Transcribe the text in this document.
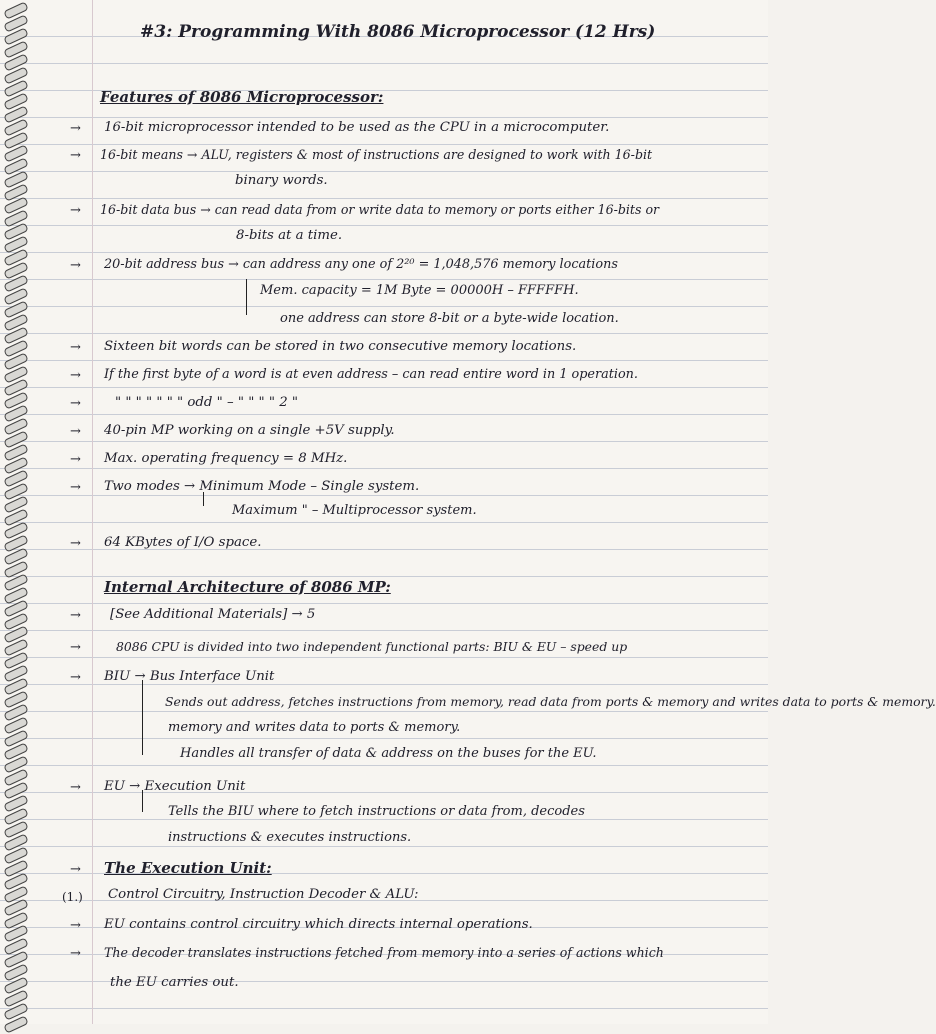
#3: Programming With 8086 Microprocessor (12 Hrs)
Features of 8086 Microprocessor:
→ 16-bit microprocessor intended to be used as the CPU in a microcomputer.
→ 16-bit means → ALU, registers & most of instructions are designed to work with 16-bit
binary words.
→ 16-bit data bus → can read data from or write data to memory or ports either 16-bits or
8-bits at a time.
→ 20-bit address bus → can address any one of 2²⁰ = 1,048,576 memory locations
Mem. capacity = 1M Byte = 00000H – FFFFFH.
one address can store 8-bit or a byte-wide location.
→ Sixteen bit words can be stored in two consecutive memory locations.
→ If the first byte of a word is at even address – can read entire word in 1 operation.
→	" " " " " " " odd " – " " " " 2 "
→ 40-pin MP working on a single +5V supply.
→ Max. operating frequency = 8 MHz.
→ Two modes → Minimum Mode – Single system.
Maximum " – Multiprocessor system.
→ 64 KBytes of I/O space.
Internal Architecture of 8086 MP:
→ [See Additional Materials] → 5
→	8086 CPU is divided into two independent functional parts: BIU & EU – speed up
→ BIU → Bus Interface Unit
Sends out address, fetches instructions from memory, read data from ports & memory and writes data to ports & memory.
memory and writes data to ports & memory.
Handles all transfer of data & address on the buses for the EU.
→ EU → Execution Unit
Tells the BIU where to fetch instructions or data from, decodes
instructions & executes instructions.
→ The Execution Unit:
(1.) Control Circuitry, Instruction Decoder & ALU:
→ EU contains control circuitry which directs internal operations.
→ The decoder translates instructions fetched from memory into a series of actions which
the EU carries out.
